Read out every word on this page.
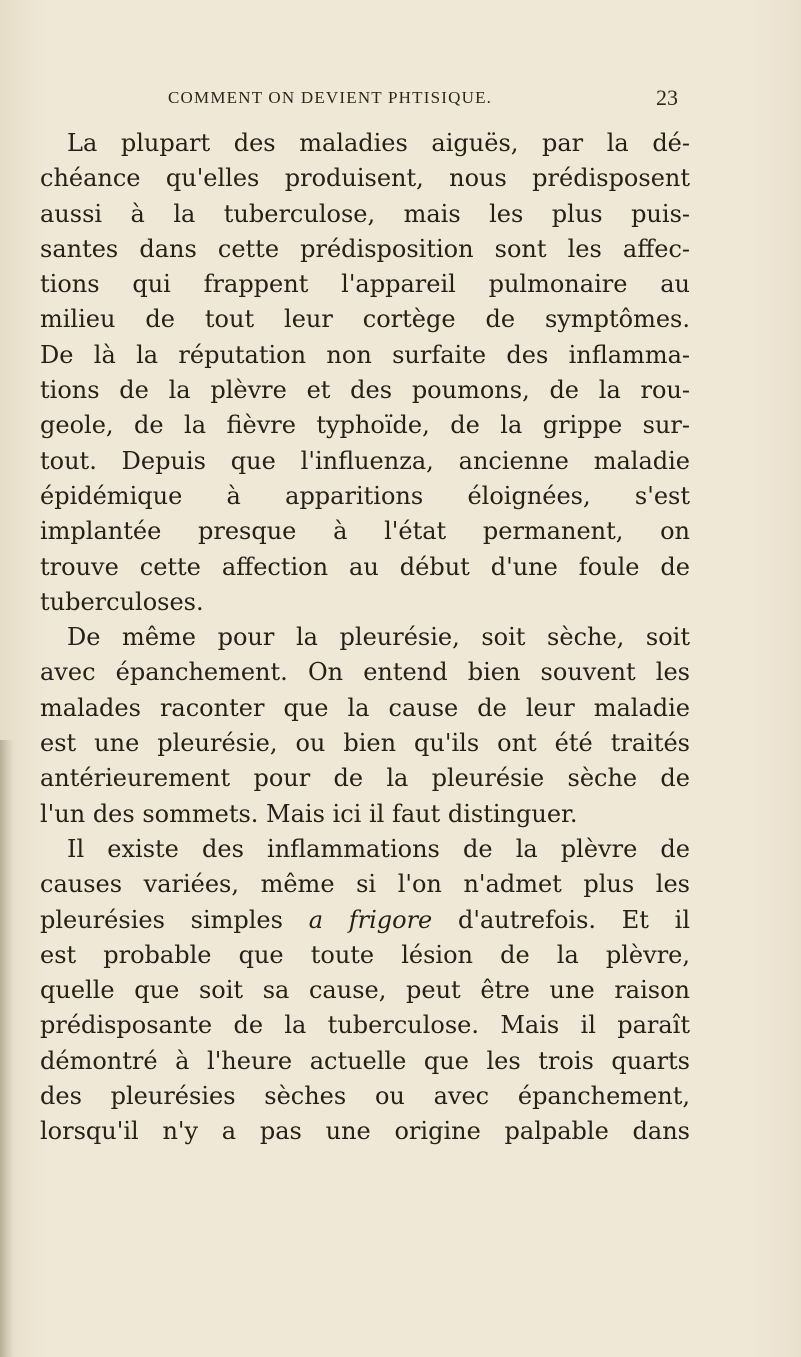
COMMENT ON DEVIENT PHTISIQUE.	23
La plupart des maladies aiguës, par la dé-
chéance qu'elles produisent, nous prédisposent
aussi à la tuberculose, mais les plus puis-
santes dans cette prédisposition sont les affec-
tions qui frappent l'appareil pulmonaire au
milieu de tout leur cortège de symptômes.
De là la réputation non surfaite des inflamma-
tions de la plèvre et des poumons, de la rou-
geole, de la fièvre typhoïde, de la grippe sur-
tout. Depuis que l'influenza, ancienne maladie
épidémique à apparitions éloignées, s'est
implantée presque à l'état permanent, on
trouve cette affection au début d'une foule de
tuberculoses.
De même pour la pleurésie, soit sèche, soit
avec épanchement. On entend bien souvent les
malades raconter que la cause de leur maladie
est une pleurésie, ou bien qu'ils ont été traités
antérieurement pour de la pleurésie sèche de
l'un des sommets. Mais ici il faut distinguer.
Il existe des inflammations de la plèvre de
causes variées, même si l'on n'admet plus les
pleurésies simples a frigore d'autrefois. Et il
est probable que toute lésion de la plèvre,
quelle que soit sa cause, peut être une raison
prédisposante de la tuberculose. Mais il paraît
démontré à l'heure actuelle que les trois quarts
des pleurésies sèches ou avec épanchement,
lorsqu'il n'y a pas une origine palpable dans
